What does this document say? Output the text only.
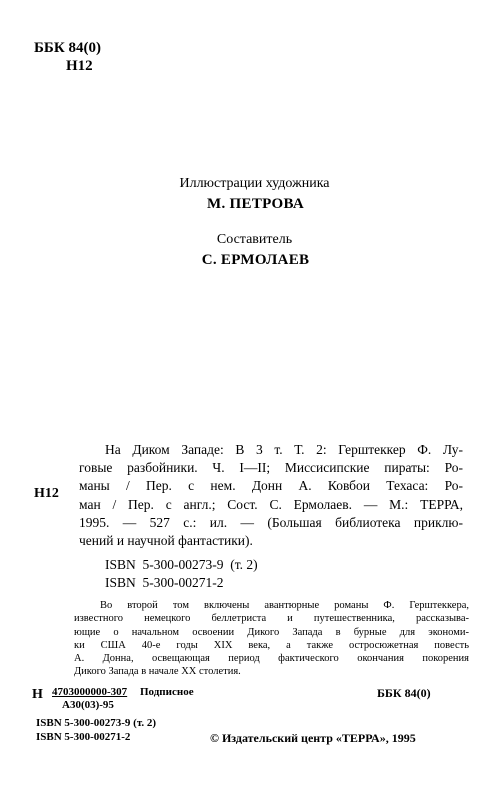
ББК 84(0)
Н12
Иллюстрации художника
М. ПЕТРОВА
Составитель
С. ЕРМОЛАЕВ
Н12
На Диком Западе: В 3 т. Т. 2: Герштеккер Ф. Лу-
говые разбойники. Ч. I—II; Миссисипские пираты: Ро-
маны / Пер. с нем. Донн А. Ковбои Техаса: Ро-
ман / Пер. с англ.; Сост. С. Ермолаев. — М.: ТЕРРА,
1995. — 527 с.: ил. — (Большая библиотека приклю-
чений и научной фантастики).
ISBN 5-300-00273-9 (т. 2)
ISBN 5-300-00271-2
Во второй том включены авантюрные романы Ф. Герштеккера,
известного немецкого беллетриста и путешественника, рассказыва-
ющие о начальном освоении Дикого Запада в бурные для экономи-
ки США 40-е годы XIX века, а также остросюжетная повесть
А. Донна, освещающая период фактического окончания покорения
Дикого Запада в начале XX столетия.
Н 4703000000-307 Подписное
А30(03)-95
ББК 84(0)
ISBN 5-300-00273-9 (т. 2)
ISBN 5-300-00271-2	© Издательский центр «ТЕРРА», 1995
